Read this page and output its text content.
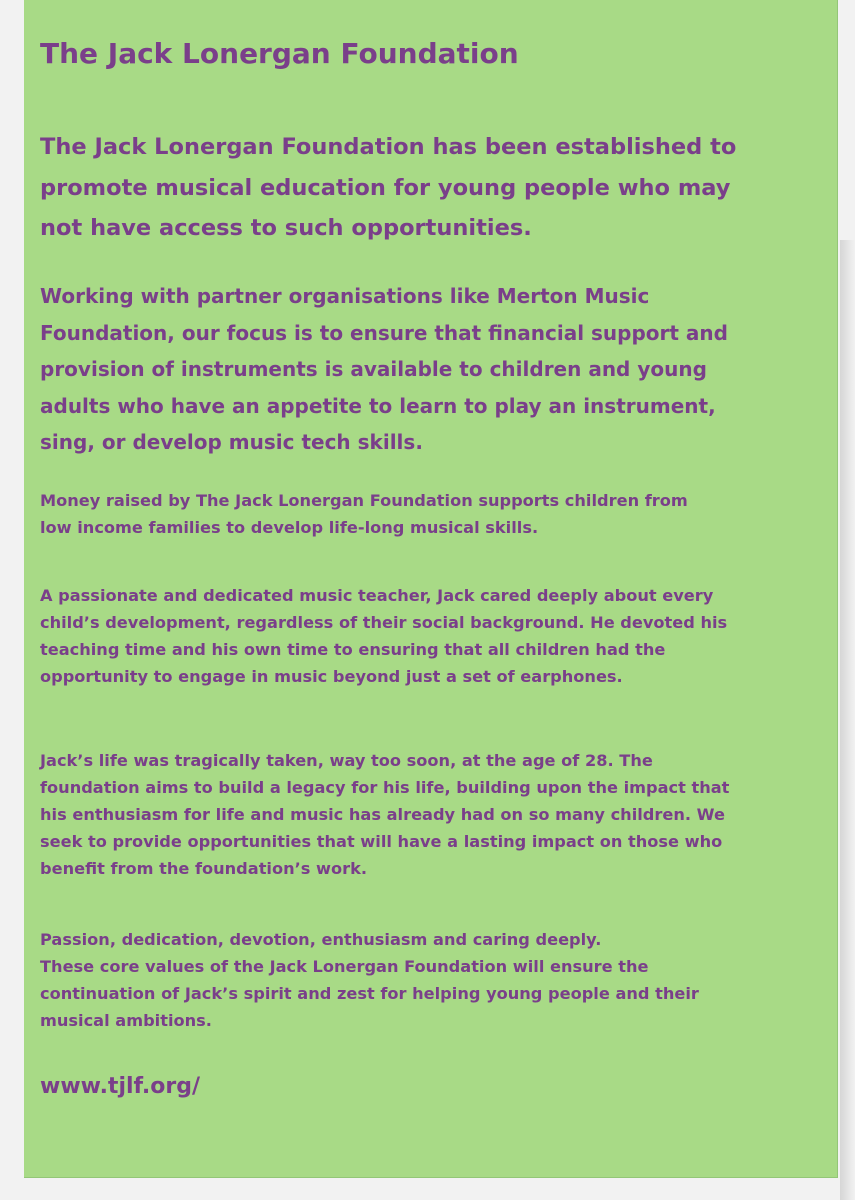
The Jack Lonergan Foundation

The Jack Lonergan Foundation has been established to
promote musical education for young people who may
not have access to such opportunities.

Working with partner organisations like Merton Music
Foundation, our focus is to ensure that financial support and
provision of instruments is available to children and young
adults who have an appetite to learn to play an instrument,
sing, or develop music tech skills.

Money raised by The Jack Lonergan Foundation supports children from
low income families to develop life-long musical skills.

A passionate and dedicated music teacher, Jack cared deeply about every
child’s development, regardless of their social background. He devoted his
teaching time and his own time to ensuring that all children had the
opportunity to engage in music beyond just a set of earphones.

Jack’s life was tragically taken, way too soon, at the age of 28. The
foundation aims to build a legacy for his life, building upon the impact that
his enthusiasm for life and music has already had on so many children. We
seek to provide opportunities that will have a lasting impact on those who
benefit from the foundation’s work.

Passion, dedication, devotion, enthusiasm and caring deeply.
These core values of the Jack Lonergan Foundation will ensure the
continuation of Jack’s spirit and zest for helping young people and their
musical ambitions.

www.tjlf.org/
